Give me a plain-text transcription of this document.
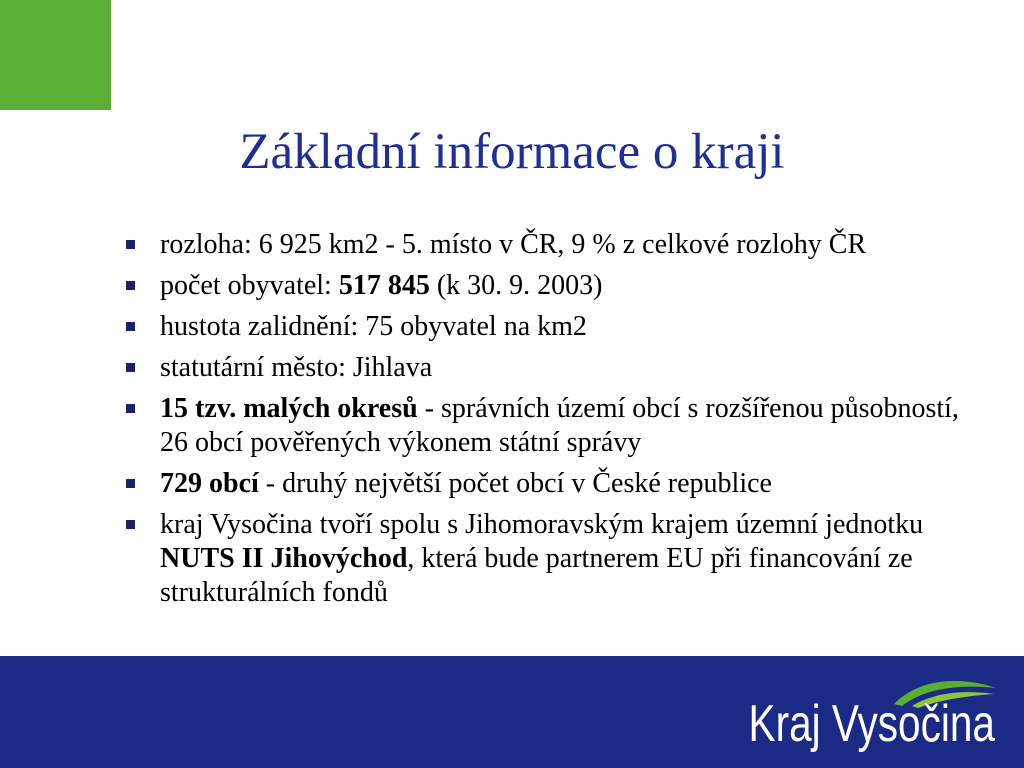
Základní informace o kraji
rozloha: 6 925 km2 - 5. místo v ČR, 9 % z celkové rozlohy ČR
počet obyvatel: 517 845 (k 30. 9. 2003)
hustota zalidnění: 75 obyvatel na km2
statutární město: Jihlava
15 tzv. malých okresů - správních území obcí s rozšířenou působností, 26 obcí pověřených výkonem státní správy
729 obcí - druhý největší počet obcí v České republice
kraj Vysočina tvoří spolu s Jihomoravským krajem územní jednotku NUTS II Jihovýchod, která bude partnerem EU při financování ze strukturálních fondů
Kraj Vysočina
